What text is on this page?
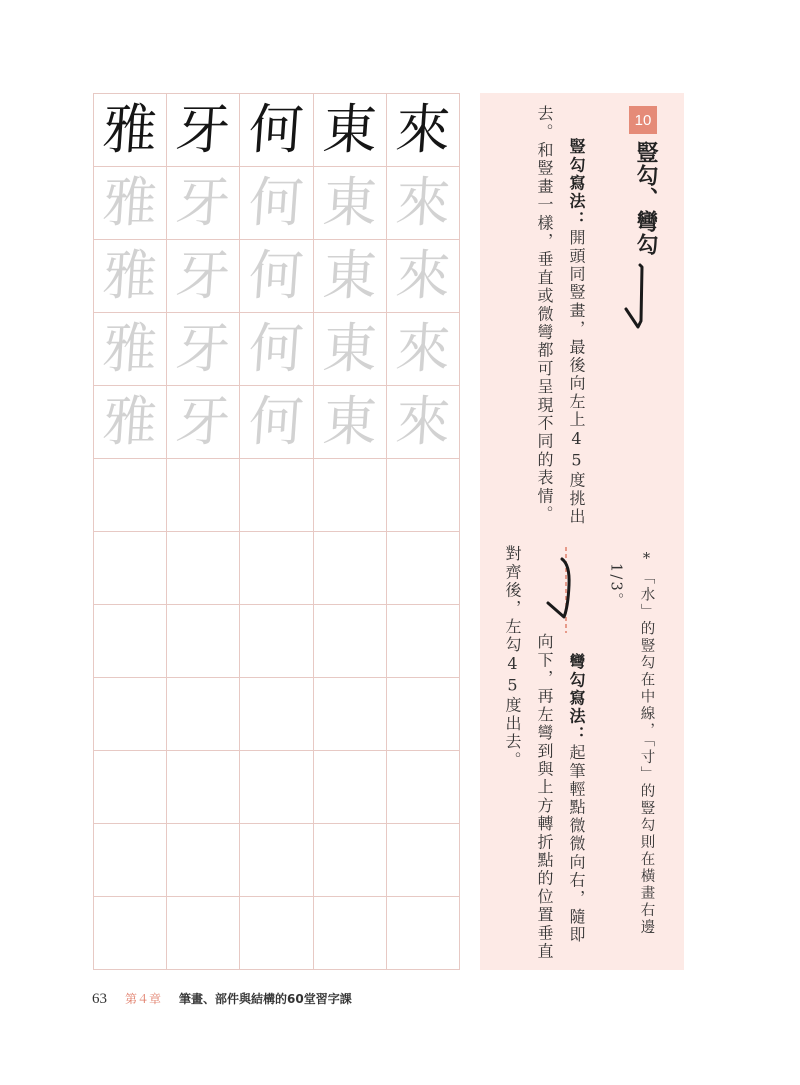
雅 牙 何 東 來
雅 牙 何 東 來
雅 牙 何 東 來
雅 牙 何 東 來
雅 牙 何 東 來
10
豎勾、彎勾
豎勾寫法：開頭同豎畫，最後向左上45度挑出
去。和豎畫一樣，垂直或微彎都可呈現不同的表情。
*「水」的豎勾在中線，「寸」的豎勾則在橫畫右邊
1/3。
彎勾寫法：起筆輕點微微向右，隨即
向下，再左彎到與上方轉折點的位置垂直
對齊後，左勾45度出去。
63 第４章 筆畫、部件與結構的60堂習字課
